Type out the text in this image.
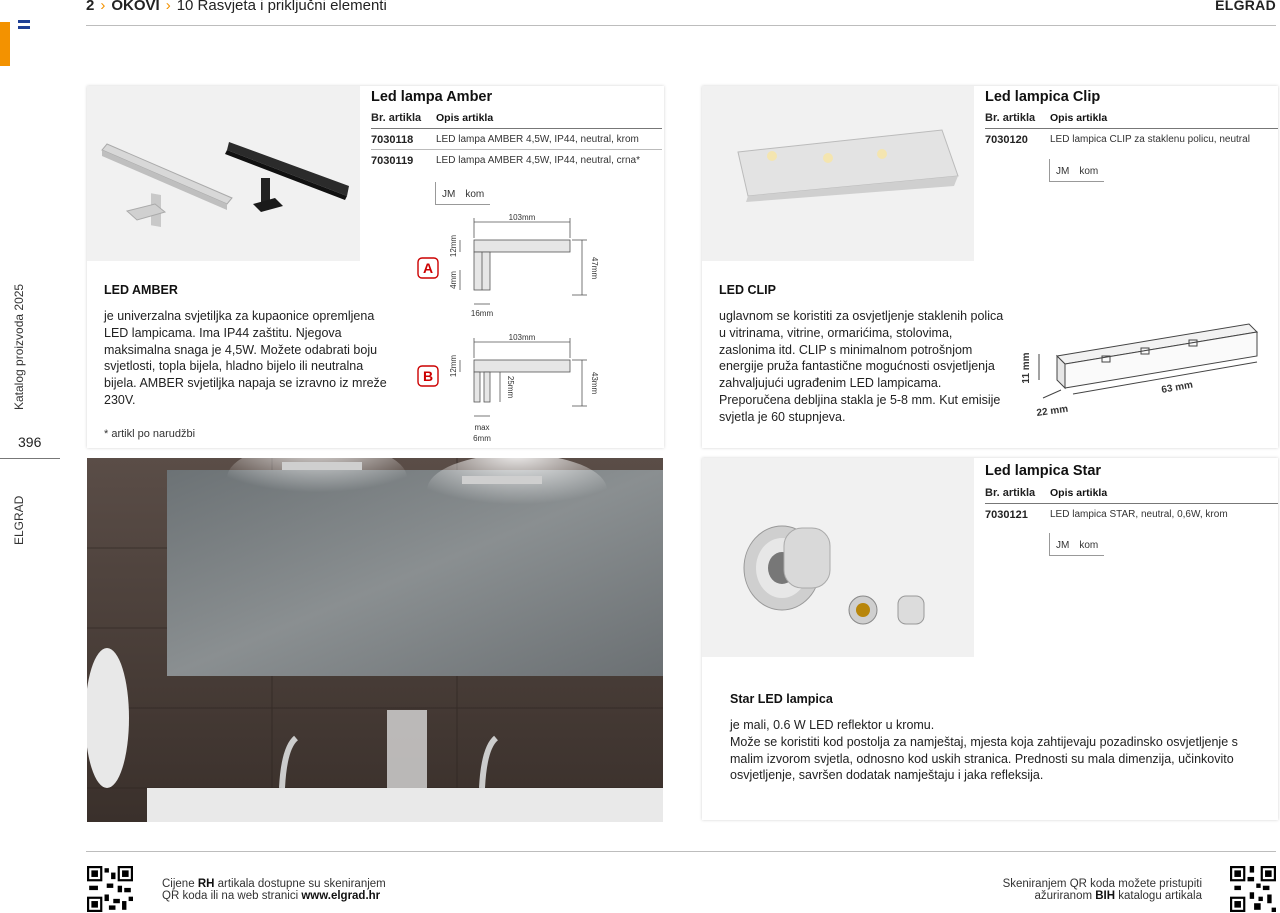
2 › OKOVI › 10 Rasvjeta i priključni elementi	ELGRAD
Katalog proizvoda 2025
396
ELGRAD
Led lampa Amber
Br. artikla	Opis artikla
7030118	LED lampa AMBER 4,5W, IP44, neutral, krom
7030119	LED lampa AMBER 4,5W, IP44, neutral, crna*
JM kom
A
B
103mm
47mm
12mm
4mm
16mm
103mm
43mm
12mm
25mm
max
6mm
LED AMBER
je univerzalna svjetiljka za kupaonice opremljena LED lampicama. Ima IP44 zaštitu. Njegova maksimalna snaga je 4,5W. Možete odabrati boju svjetlosti, topla bijela, hladno bijelo ili neutralna bijela. AMBER svjetiljka napaja se izravno iz mreže 230V.
* artikl po narudžbi
Led lampica Clip
Br. artikla	Opis artikla
7030120	LED lampica CLIP za staklenu policu, neutral
JM kom
LED CLIP
uglavnom se koristiti za osvjetljenje staklenih polica u vitrinama, vitrine, ormarićima, stolovima, zaslonima itd. CLIP s minimalnom potrošnjom energije pruža fantastične mogućnosti osvjetljenja zahvaljujući ugrađenim LED lampicama. Preporučena debljina stakla je 5-8 mm. Kut emisije svjetla je 60 stupnjeva.
11 mm
22 mm
63 mm
Led lampica Star
Br. artikla	Opis artikla
7030121	LED lampica STAR, neutral, 0,6W, krom
JM kom
Star LED lampica
je mali, 0.6 W LED reflektor u kromu.
Može se koristiti kod postolja za namještaj, mjesta koja zahtijevaju pozadinsko osvjetljenje s malim izvorom svjetla, odnosno kod uskih stranica. Prednosti su mala dimenzija, učinkovito osvjetljenje, savršen dodatak namještaju i jaka refleksija.
Cijene RH artikala dostupne su skeniranjem
QR koda ili na web stranici www.elgrad.hr
Skeniranjem QR koda možete pristupiti
ažuriranom BIH katalogu artikala
